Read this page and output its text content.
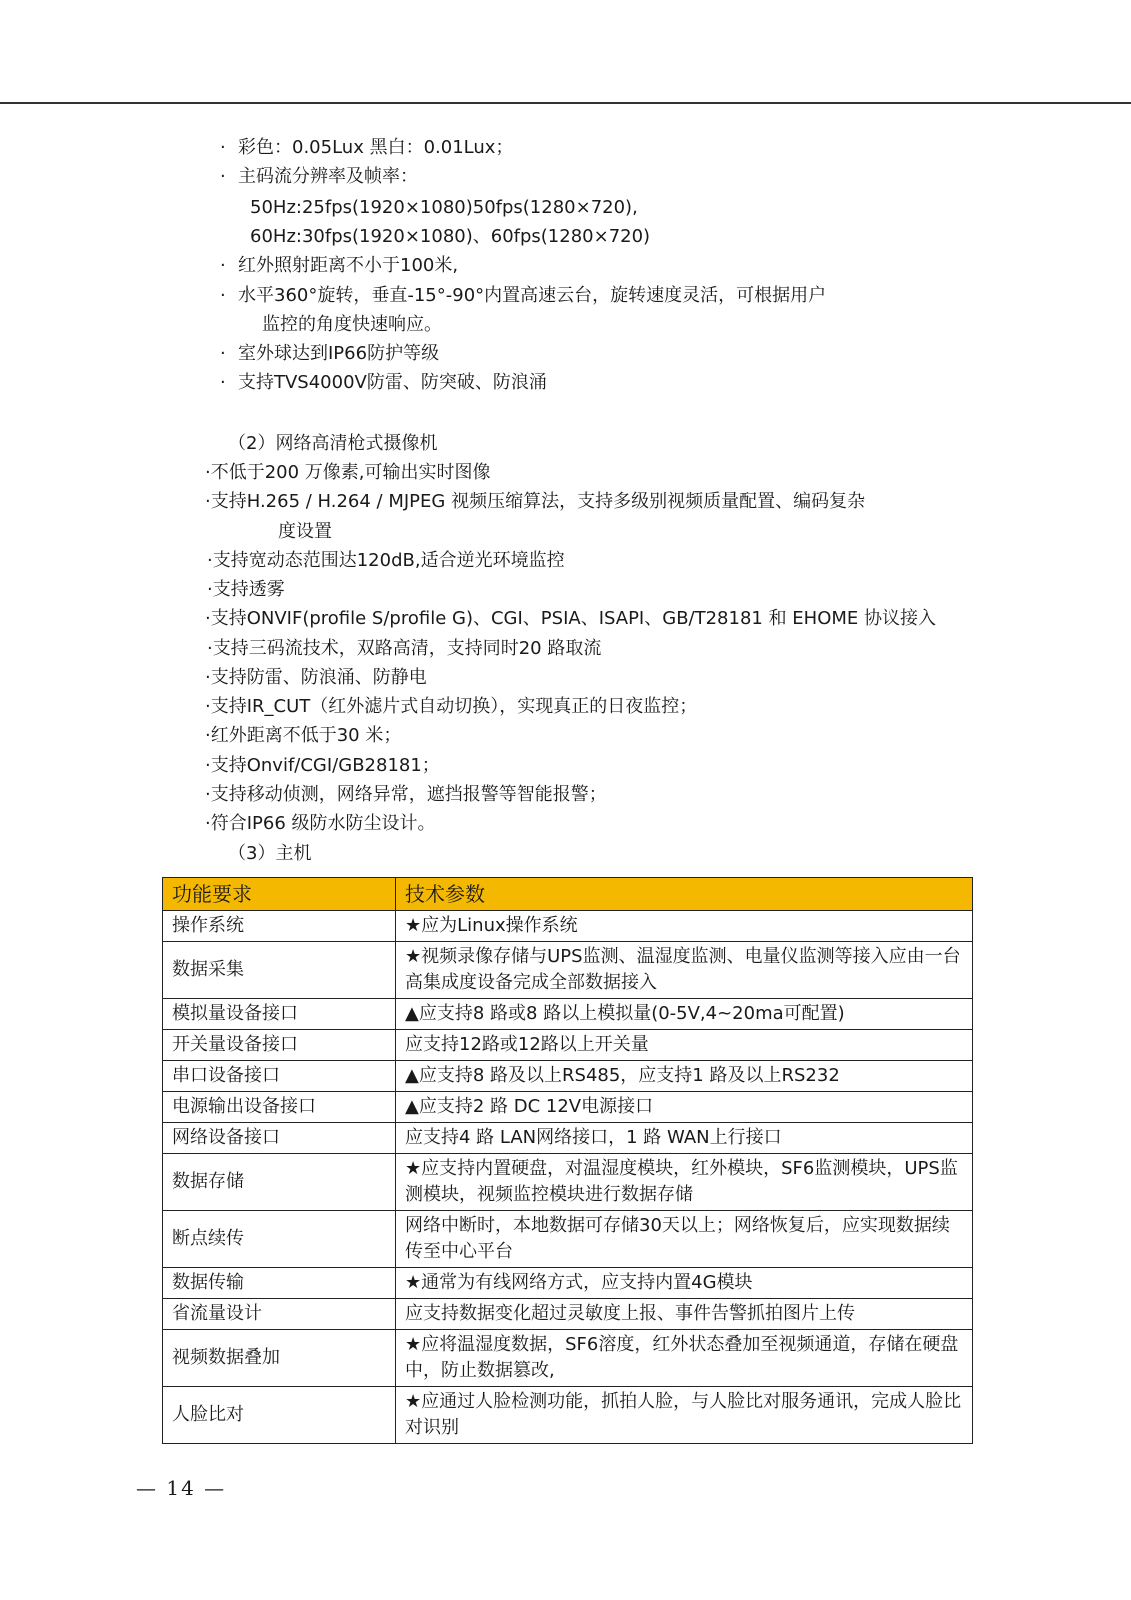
· 彩色：0.05Lux 黑白：0.01Lux；
· 主码流分辨率及帧率：
50Hz:25fps(1920×1080)50fps(1280×720),
60Hz:30fps(1920×1080)、60fps(1280×720)
· 红外照射距离不小于100米,
· 水平360°旋转，垂直-15°-90°内置高速云台，旋转速度灵活，可根据用户
监控的角度快速响应。
· 室外球达到IP66防护等级
· 支持TVS4000V防雷、防突破、防浪涌
（2）网络高清枪式摄像机
·不低于200 万像素,可输出实时图像
·支持H.265 / H.264 / MJPEG 视频压缩算法，支持多级别视频质量配置、编码复杂
度设置
·支持宽动态范围达120dB,适合逆光环境监控
·支持透雾
·支持ONVIF(profile S/profile G)、CGI、PSIA、ISAPI、GB/T28181 和 EHOME 协议接入
·支持三码流技术，双路高清，支持同时20 路取流
·支持防雷、防浪涌、防静电
·支持IR_CUT（红外滤片式自动切换），实现真正的日夜监控；
·红外距离不低于30 米；
·支持Onvif/CGI/GB28181；
·支持移动侦测，网络异常，遮挡报警等智能报警；
·符合IP66 级防水防尘设计。
（3）主机
功能要求	技术参数
操作系统	★应为Linux操作系统
数据采集	★视频录像存储与UPS监测、温湿度监测、电量仪监测等接入应由一台高集成度设备完成全部数据接入
模拟量设备接口	▲应支持8 路或8 路以上模拟量(0-5V,4~20ma可配置)
开关量设备接口	应支持12路或12路以上开关量
串口设备接口	▲应支持8 路及以上RS485，应支持1 路及以上RS232
电源输出设备接口	▲应支持2 路 DC 12V电源接口
网络设备接口	应支持4 路 LAN网络接口，1 路 WAN上行接口
数据存储	★应支持内置硬盘，对温湿度模块，红外模块，SF6监测模块，UPS监测模块，视频监控模块进行数据存储
断点续传	网络中断时，本地数据可存储30天以上；网络恢复后，应实现数据续传至中心平台
数据传输	★通常为有线网络方式，应支持内置4G模块
省流量设计	应支持数据变化超过灵敏度上报、事件告警抓拍图片上传
视频数据叠加	★应将温湿度数据，SF6溶度，红外状态叠加至视频通道，存储在硬盘中，防止数据篡改,
人脸比对	★应通过人脸检测功能，抓拍人脸，与人脸比对服务通讯，完成人脸比对识别
— 14 —
